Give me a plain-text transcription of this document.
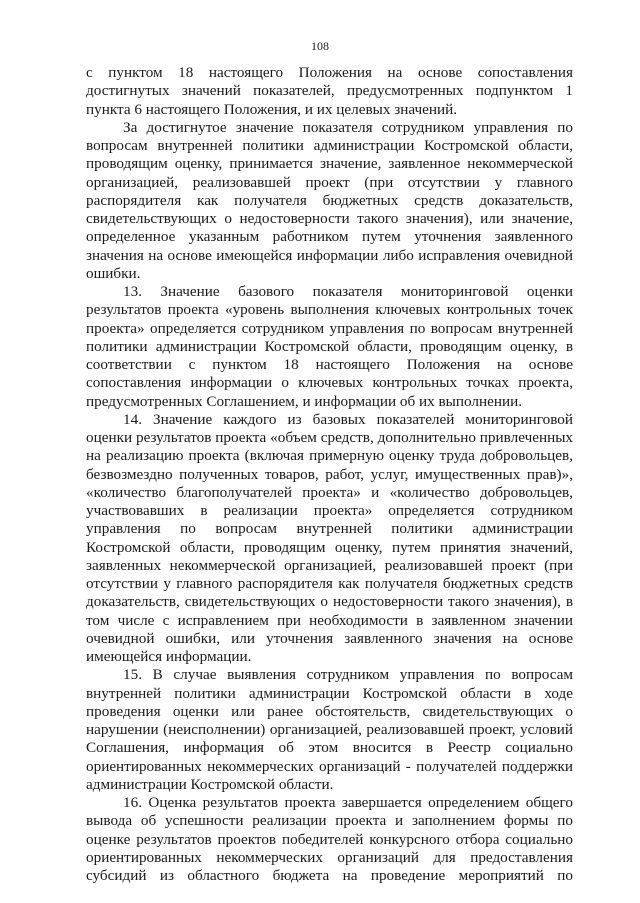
108

с пунктом 18 настоящего Положения на основе сопоставления достигнутых значений показателей, предусмотренных подпунктом 1 пункта 6 настоящего Положения, и их целевых значений.

За достигнутое значение показателя сотрудником управления по вопросам внутренней политики администрации Костромской области, проводящим оценку, принимается значение, заявленное некоммерческой организацией, реализовавшей проект (при отсутствии у главного распорядителя как получателя бюджетных средств доказательств, свидетельствующих о недостоверности такого значения), или значение, определенное указанным работником путем уточнения заявленного значения на основе имеющейся информации либо исправления очевидной ошибки.

13. Значение базового показателя мониторинговой оценки результатов проекта «уровень выполнения ключевых контрольных точек проекта» определяется сотрудником управления по вопросам внутренней политики администрации Костромской области, проводящим оценку, в соответствии с пунктом 18 настоящего Положения на основе сопоставления информации о ключевых контрольных точках проекта, предусмотренных Соглашением, и информации об их выполнении.

14. Значение каждого из базовых показателей мониторинговой оценки результатов проекта «объем средств, дополнительно привлеченных на реализацию проекта (включая примерную оценку труда добровольцев, безвозмездно полученных товаров, работ, услуг, имущественных прав)», «количество благополучателей проекта» и «количество добровольцев, участвовавших в реализации проекта» определяется сотрудником управления по вопросам внутренней политики администрации Костромской области, проводящим оценку, путем принятия значений, заявленных некоммерческой организацией, реализовавшей проект (при отсутствии у главного распорядителя как получателя бюджетных средств доказательств, свидетельствующих о недостоверности такого значения), в том числе с исправлением при необходимости в заявленном значении очевидной ошибки, или уточнения заявленного значения на основе имеющейся информации.

15. В случае выявления сотрудником управления по вопросам внутренней политики администрации Костромской области в ходе проведения оценки или ранее обстоятельств, свидетельствующих о нарушении (неисполнении) организацией, реализовавшей проект, условий Соглашения, информация об этом вносится в Реестр социально ориентированных некоммерческих организаций - получателей поддержки администрации Костромской области.

16. Оценка результатов проекта завершается определением общего вывода об успешности реализации проекта и заполнением формы по оценке результатов проектов победителей конкурсного отбора социально ориентированных некоммерческих организаций для предоставления субсидий из областного бюджета на проведение мероприятий по
